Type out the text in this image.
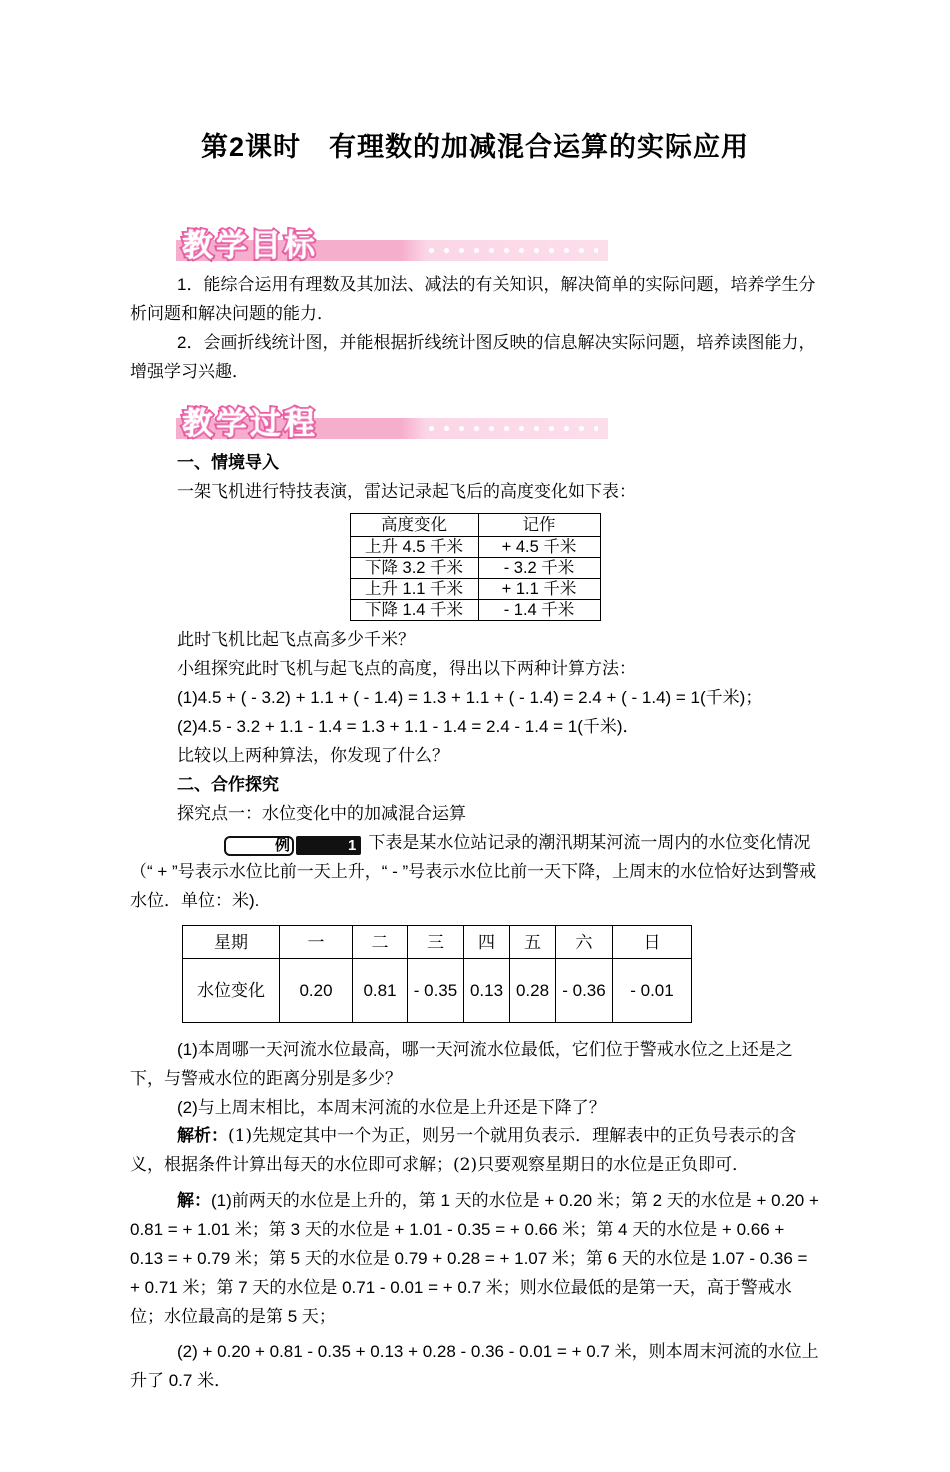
第2课时　有理数的加减混合运算的实际应用
教学目标

1．能综合运用有理数及其加法、减法的有关知识，解决简单的实际问题，培养学生分析问题和解决问题的能力．

2．会画折线统计图，并能根据折线统计图反映的信息解决实际问题，培养读图能力，增强学习兴趣．

教学过程

一、情境导入

一架飞机进行特技表演，雷达记录起飞后的高度变化如下表：

高度变化	记作
上升 4.5 千米	+ 4.5 千米
下降 3.2 千米	- 3.2 千米
上升 1.1 千米	+ 1.1 千米
下降 1.4 千米	- 1.4 千米

此时飞机比起飞点高多少千米？

小组探究此时飞机与起飞点的高度，得出以下两种计算方法：

(1)4.5 + ( - 3.2) + 1.1 + ( - 1.4) = 1.3 + 1.1 + ( - 1.4) = 2.4 + ( - 1.4) = 1(千米)；

(2)4.5 - 3.2 + 1.1 - 1.4 = 1.3 + 1.1 - 1.4 = 2.4 - 1.4 = 1(千米)．

比较以上两种算法，你发现了什么？

二、合作探究

探究点一：水位变化中的加减混合运算

例	1 下表是某水位站记录的潮汛期某河流一周内的水位变化情况（“ + ”号表示水位比前一天上升，“ - ”号表示水位比前一天下降，上周末的水位恰好达到警戒水位．单位：米).

星期	一	二	三	四	五	六	日
水位变化	0.20	0.81	- 0.35	0.13	0.28	- 0.36	- 0.01

(1)本周哪一天河流水位最高，哪一天河流水位最低，它们位于警戒水位之上还是之下，与警戒水位的距离分别是多少？

(2)与上周末相比，本周末河流的水位是上升还是下降了？

解析：(1)先规定其中一个为正，则另一个就用负表示．理解表中的正负号表示的含义，根据条件计算出每天的水位即可求解；(2)只要观察星期日的水位是正负即可．

解：(1)前两天的水位是上升的，第 1 天的水位是 + 0.20 米；第 2 天的水位是 + 0.20 + 0.81 = + 1.01 米；第 3 天的水位是 + 1.01 - 0.35 = + 0.66 米；第 4 天的水位是 + 0.66 + 0.13 = + 0.79 米；第 5 天的水位是 0.79 + 0.28 = + 1.07 米；第 6 天的水位是 1.07 - 0.36 = + 0.71 米；第 7 天的水位是 0.71 - 0.01 = + 0.7 米；则水位最低的是第一天，高于警戒水位；水位最高的是第 5 天；

(2) + 0.20 + 0.81 - 0.35 + 0.13 + 0.28 - 0.36 - 0.01 = + 0.7 米，则本周末河流的水位上升了 0.7 米．
